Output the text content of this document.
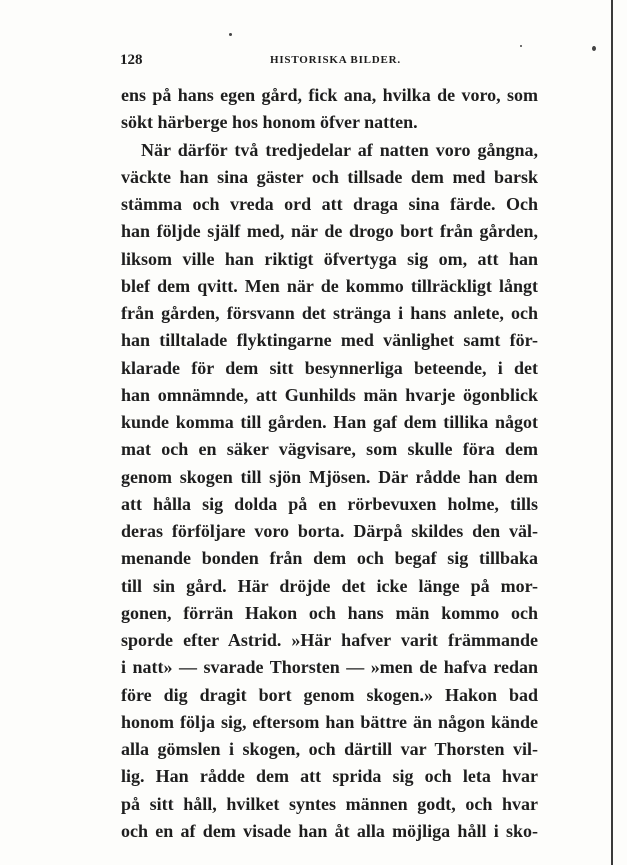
128	HISTORISKA BILDER.
ens på hans egen gård, fick ana, hvilka de voro, som
sökt härberge hos honom öfver natten.
När därför två tredjedelar af natten voro gångna,
väckte han sina gäster och tillsade dem med barsk
stämma och vreda ord att draga sina färde. Och
han följde själf med, när de drogo bort från gården,
liksom ville han riktigt öfvertyga sig om, att han
blef dem qvitt. Men när de kommo tillräckligt långt
från gården, försvann det stränga i hans anlete, och
han tilltalade flyktingarne med vänlighet samt för-
klarade för dem sitt besynnerliga beteende, i det
han omnämnde, att Gunhilds män hvarje ögonblick
kunde komma till gården. Han gaf dem tillika något
mat och en säker vägvisare, som skulle föra dem
genom skogen till sjön Mjösen. Där rådde han dem
att hålla sig dolda på en rörbevuxen holme, tills
deras förföljare voro borta. Därpå skildes den väl-
menande bonden från dem och begaf sig tillbaka
till sin gård. Här dröjde det icke länge på mor-
gonen, förrän Hakon och hans män kommo och
sporde efter Astrid. »Här hafver varit främmande
i natt» — svarade Thorsten — »men de hafva redan
före dig dragit bort genom skogen.» Hakon bad
honom följa sig, eftersom han bättre än någon kände
alla gömslen i skogen, och därtill var Thorsten vil-
lig. Han rådde dem att sprida sig och leta hvar
på sitt håll, hvilket syntes männen godt, och hvar
och en af dem visade han åt alla möjliga håll i sko-
